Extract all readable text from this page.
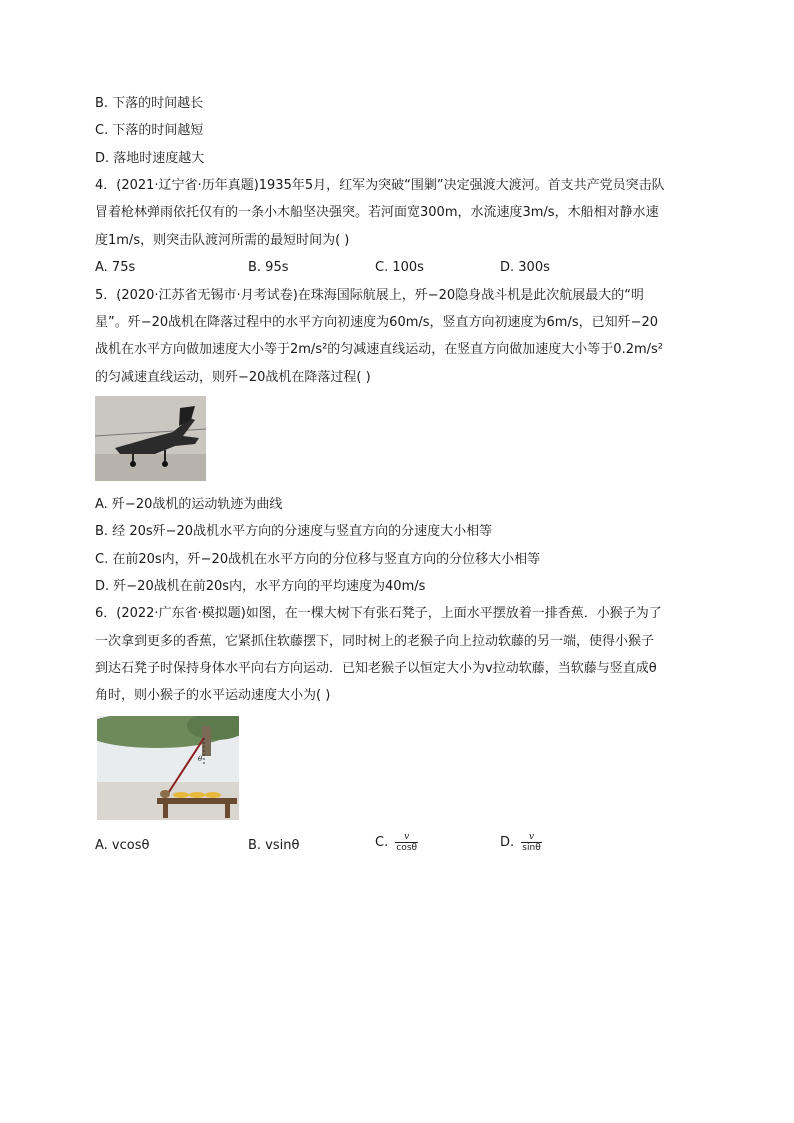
B. 下落的时间越长
C. 下落的时间越短
D. 落地时速度越大
4．(2021·辽宁省·历年真题)1935年5月，红军为突破“围剿”决定强渡大渡河。首支共产党员突击队
冒着枪林弹雨依托仅有的一条小木船坚决强突。若河面宽300m，水流速度3m/s，木船相对静水速
度1m/s，则突击队渡河所需的最短时间为( )
A. 75s	B. 95s	C. 100s	D. 300s
5．(2020·江苏省无锡市·月考试卷)在珠海国际航展上，歼−20隐身战斗机是此次航展最大的“明
星”。歼−20战机在降落过程中的水平方向初速度为60m/s，竖直方向初速度为6m/s，已知歼−20
战机在水平方向做加速度大小等于2m/s²的匀减速直线运动，在竖直方向做加速度大小等于0.2m/s²
的匀减速直线运动，则歼−20战机在降落过程( )
A. 歼−20战机的运动轨迹为曲线
B. 经 20s歼−20战机水平方向的分速度与竖直方向的分速度大小相等
C. 在前20s内，歼−20战机在水平方向的分位移与竖直方向的分位移大小相等
D. 歼−20战机在前20s内，水平方向的平均速度为40m/s
6．(2022·广东省·模拟题)如图，在一棵大树下有张石凳子，上面水平摆放着一排香蕉．小猴子为了
一次拿到更多的香蕉，它紧抓住软藤摆下，同时树上的老猴子向上拉动软藤的另一端，使得小猴子
到达石凳子时保持身体水平向右方向运动．已知老猴子以恒定大小为v拉动软藤，当软藤与竖直成θ
角时，则小猴子的水平运动速度大小为( )
θ
A. vcosθ	B. vsinθ	C. $\frac{v}{\cos\theta}$	D. $\frac{v}{\sin\theta}$
